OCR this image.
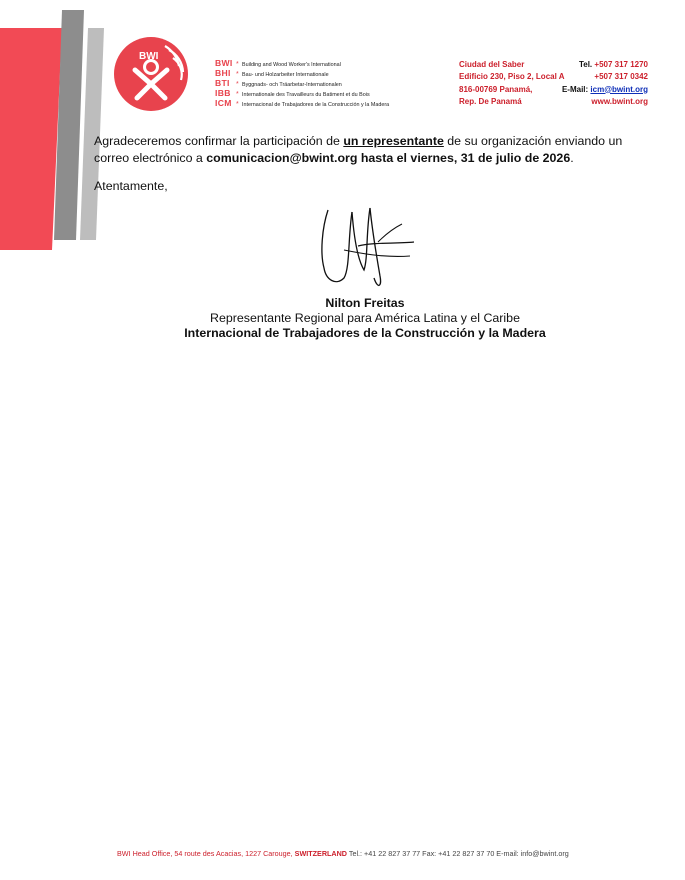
BWI
BWI * Building and Wood Worker's International
BHI * Bau- und Holzarbeiter Internationale
BTI * Byggnads- och Träarbetar-Internationalen
IBB * Internationale des Travailleurs du Batiment et du Bois
ICM * Internacional de Trabajadores de la Construcción y la Madera
Ciudad del Saber
Edificio 230, Piso 2, Local A
816-00769 Panamá,
Rep. De Panamá
Tel. +507 317 1270
+507 317 0342
E-Mail: icm@bwint.org
www.bwint.org
Agradeceremos confirmar la participación de un representante de su organización enviando un correo electrónico a comunicacion@bwint.org hasta el viernes, 31 de julio de 2026.
Atentamente,
Nilton Freitas
Representante Regional para América Latina y el Caribe
Internacional de Trabajadores de la Construcción y la Madera
BWI Head Office, 54 route des Acacias, 1227 Carouge, SWITZERLAND Tel.: +41 22 827 37 77 Fax: +41 22 827 37 70 E-mail: info@bwint.org
